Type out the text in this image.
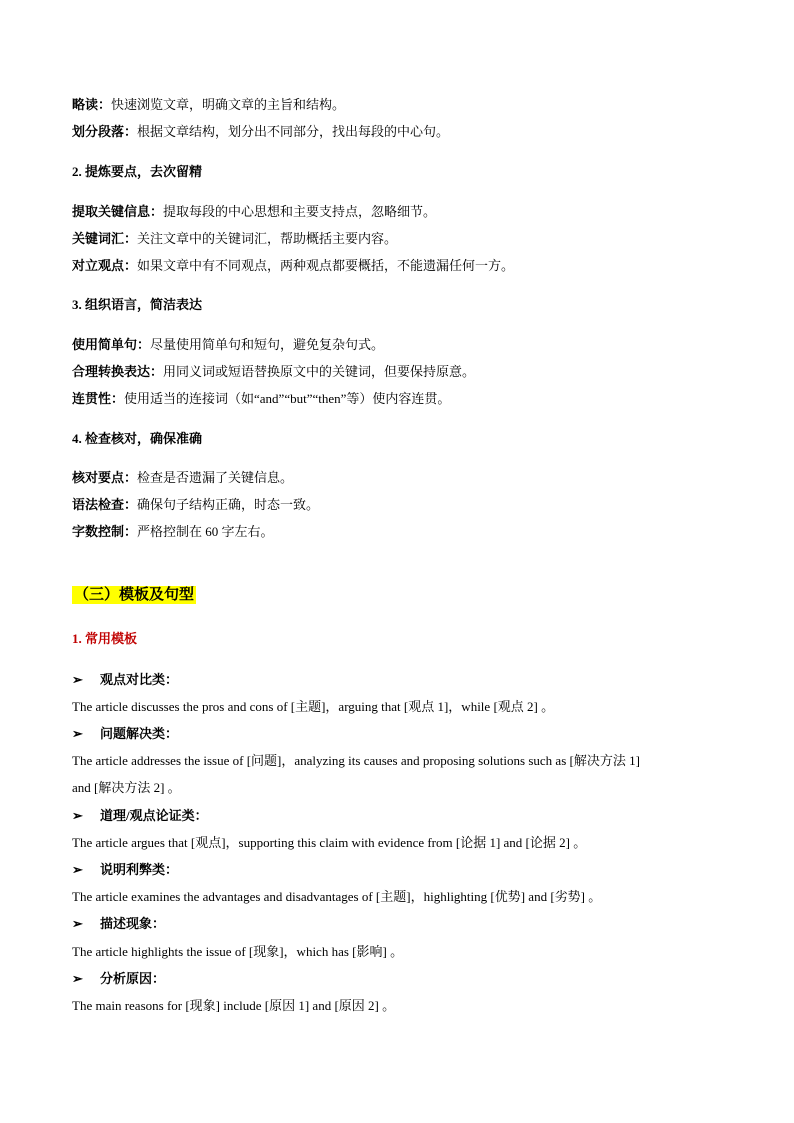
略读：快速浏览文章，明确文章的主旨和结构。
划分段落：根据文章结构，划分出不同部分，找出每段的中心句。
2. 提炼要点，去次留精
提取关键信息：提取每段的中心思想和主要支持点，忽略细节。
关键词汇：关注文章中的关键词汇，帮助概括主要内容。
对立观点：如果文章中有不同观点，两种观点都要概括，不能遗漏任何一方。
3. 组织语言，简洁表达
使用简单句：尽量使用简单句和短句，避免复杂句式。
合理转换表达：用同义词或短语替换原文中的关键词，但要保持原意。
连贯性：使用适当的连接词（如“and”“but”“then”等）使内容连贯。
4. 检查核对，确保准确
核对要点：检查是否遗漏了关键信息。
语法检查：确保句子结构正确，时态一致。
字数控制：严格控制在 60 字左右。
（三）模板及句型
1. 常用模板
➢ 观点对比类：
The article discusses the pros and cons of [主题]，arguing that [观点 1]，while [观点 2] 。
➢ 问题解决类：
The article addresses the issue of [问题]，analyzing its causes and proposing solutions such as [解决方法 1]
and [解决方法 2] 。
➢ 道理/观点论证类：
The article argues that [观点]，supporting this claim with evidence from [论据 1] and [论据 2] 。
➢ 说明利弊类：
The article examines the advantages and disadvantages of [主题]，highlighting [优势] and [劣势] 。
➢ 描述现象：
The article highlights the issue of [现象]，which has [影响] 。
➢ 分析原因：
The main reasons for [现象] include [原因 1] and [原因 2] 。
